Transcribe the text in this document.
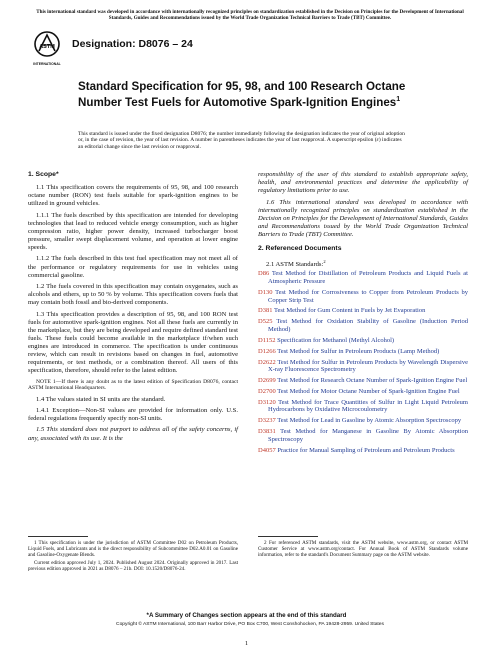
This international standard was developed in accordance with internationally recognized principles on standardization established in the Decision on Principles for the Development of International Standards, Guides and Recommendations issued by the World Trade Organization Technical Barriers to Trade (TBT) Committee.
ASTM
INTERNATIONAL
Designation: D8076 – 24
Standard Specification for 95, 98, and 100 Research Octane Number Test Fuels for Automotive Spark-Ignition Engines$^1$
This standard is issued under the fixed designation D8076; the number immediately following the designation indicates the year of original adoption or, in the case of revision, the year of last revision. A number in parentheses indicates the year of last reapproval. A superscript epsilon (ε) indicates an editorial change since the last revision or reapproval.
1. Scope*

1.1 This specification covers the requirements of 95, 98, and 100 research octane number (RON) test fuels suitable for spark-ignition engines to be utilized in ground vehicles.

1.1.1 The fuels described by this specification are intended for developing technologies that lead to reduced vehicle energy consumption, such as higher compression ratio, higher power density, increased turbocharger boost pressure, smaller swept displacement volume, and operation at lower engine speeds.

1.1.2 The fuels described in this test fuel specification may not meet all of the performance or regulatory requirements for use in vehicles using commercial gasoline.

1.2 The fuels covered in this specification may contain oxygenates, such as alcohols and ethers, up to 50 % by volume. This specification covers fuels that may contain both fossil and bio-derived components.

1.3 This specification provides a description of 95, 98, and 100 RON test fuels for automotive spark-ignition engines. Not all these fuels are currently in the marketplace, but they are being developed and require defined standard test fuels. These fuels could become available in the marketplace if/when such engines are introduced in commerce. The specification is under continuous review, which can result in revisions based on changes in fuel, automotive requirements, or test methods, or a combination thereof. All users of this specification, therefore, should refer to the latest edition.

NOTE 1—If there is any doubt as to the latest edition of Specification D8076, contact ASTM International Headquarters.

1.4 The values stated in SI units are the standard.

1.4.1 Exception—Non-SI values are provided for information only. U.S. federal regulations frequently specify non-SI units.

1.5 This standard does not purport to address all of the safety concerns, if any, associated with its use. It is the

responsibility of the user of this standard to establish appropriate safety, health, and environmental practices and determine the applicability of regulatory limitations prior to use.

1.6 This international standard was developed in accordance with internationally recognized principles on standardization established in the Decision on Principles for the Development of International Standards, Guides and Recommendations issued by the World Trade Organization Technical Barriers to Trade (TBT) Committee.

2. Referenced Documents

2.1 ASTM Standards:$^2$

D86 Test Method for Distillation of Petroleum Products and Liquid Fuels at Atmospheric Pressure

D130 Test Method for Corrosiveness to Copper from Petroleum Products by Copper Strip Test

D381 Test Method for Gum Content in Fuels by Jet Evaporation

D525 Test Method for Oxidation Stability of Gasoline (Induction Period Method)

D1152 Specification for Methanol (Methyl Alcohol)

D1266 Test Method for Sulfur in Petroleum Products (Lamp Method)

D2622 Test Method for Sulfur in Petroleum Products by Wavelength Dispersive X-ray Fluorescence Spectrometry

D2699 Test Method for Research Octane Number of Spark-Ignition Engine Fuel

D2700 Test Method for Motor Octane Number of Spark-Ignition Engine Fuel

D3120 Test Method for Trace Quantities of Sulfur in Light Liquid Petroleum Hydrocarbons by Oxidative Microcoulometry

D3237 Test Method for Lead in Gasoline by Atomic Absorption Spectroscopy

D3831 Test Method for Manganese in Gasoline By Atomic Absorption Spectroscopy

D4057 Practice for Manual Sampling of Petroleum and Petroleum Products

1 This specification is under the jurisdiction of ASTM Committee D02 on Petroleum Products, Liquid Fuels, and Lubricants and is the direct responsibility of Subcommittee D02.A0.01 on Gasoline and Gasoline-Oxygenate Blends.

Current edition approved July 1, 2024. Published August 2024. Originally approved in 2017. Last previous edition approved in 2021 as D8076 – 21b. DOI: 10.1520/D8076-24.

2 For referenced ASTM standards, visit the ASTM website, www.astm.org, or contact ASTM Customer Service at www.astm.org/contact. For Annual Book of ASTM Standards volume information, refer to the standard's Document Summary page on the ASTM website.

*A Summary of Changes section appears at the end of this standard
Copyright © ASTM International, 100 Barr Harbor Drive, PO Box C700, West Conshohocken, PA 19428-2959. United States
1
